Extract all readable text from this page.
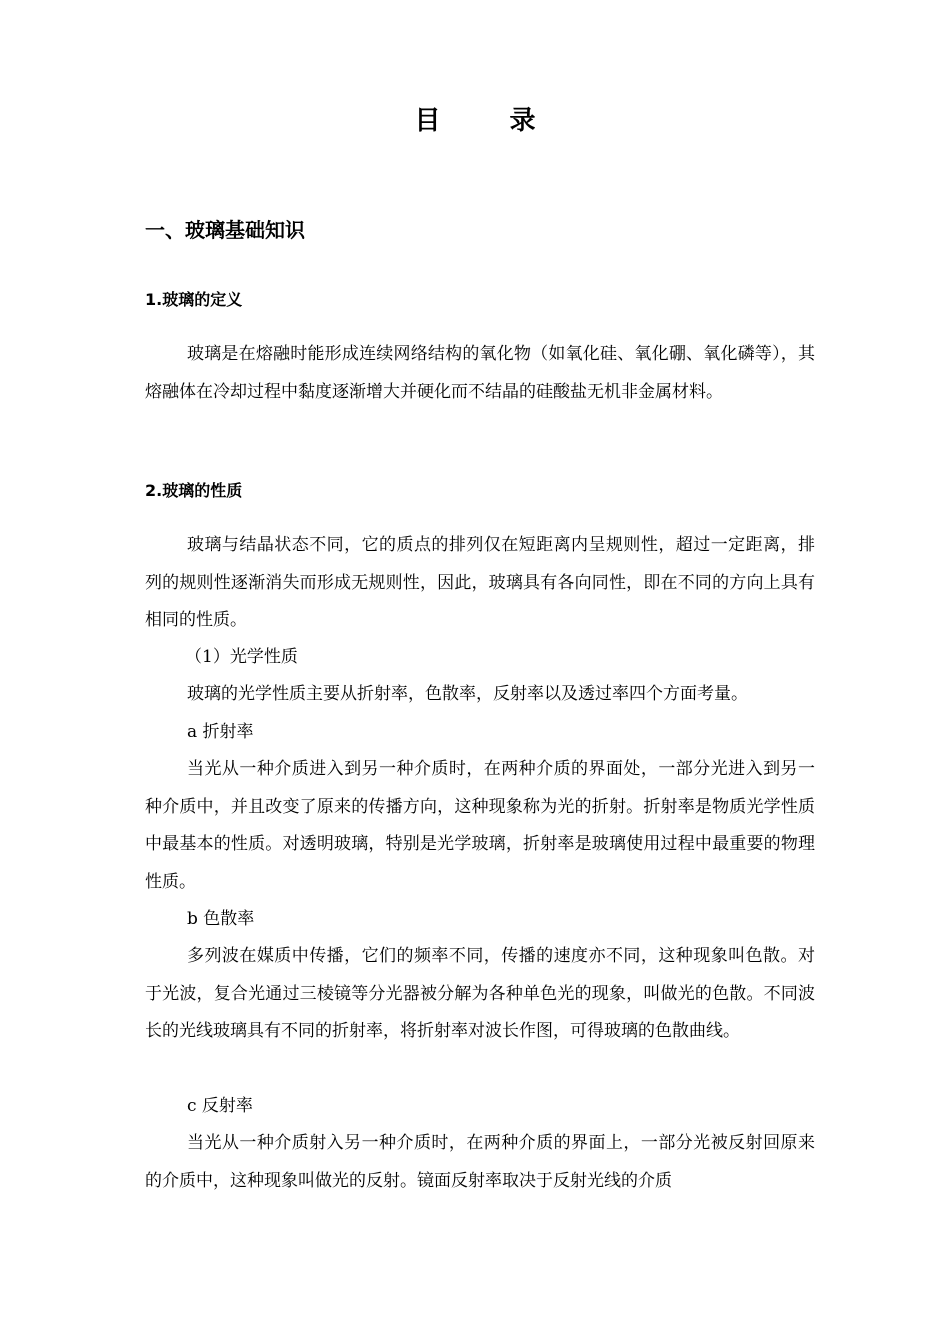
目 录
一、玻璃基础知识
1.玻璃的定义

玻璃是在熔融时能形成连续网络结构的氧化物（如氧化硅、氧化硼、氧化磷等），其熔融体在冷却过程中黏度逐渐增大并硬化而不结晶的硅酸盐无机非金属材料。

2.玻璃的性质

玻璃与结晶状态不同，它的质点的排列仅在短距离内呈规则性，超过一定距离，排列的规则性逐渐消失而形成无规则性，因此，玻璃具有各向同性，即在不同的方向上具有相同的性质。

（1）光学性质

玻璃的光学性质主要从折射率，色散率，反射率以及透过率四个方面考量。

a 折射率

当光从一种介质进入到另一种介质时，在两种介质的界面处，一部分光进入到另一种介质中，并且改变了原来的传播方向，这种现象称为光的折射。折射率是物质光学性质中最基本的性质。对透明玻璃，特别是光学玻璃，折射率是玻璃使用过程中最重要的物理性质。

b 色散率

多列波在媒质中传播，它们的频率不同，传播的速度亦不同，这种现象叫色散。对于光波，复合光通过三棱镜等分光器被分解为各种单色光的现象，叫做光的色散。不同波长的光线玻璃具有不同的折射率，将折射率对波长作图，可得玻璃的色散曲线。

c 反射率

当光从一种介质射入另一种介质时，在两种介质的界面上，一部分光被反射回原来的介质中，这种现象叫做光的反射。镜面反射率取决于反射光线的介质
